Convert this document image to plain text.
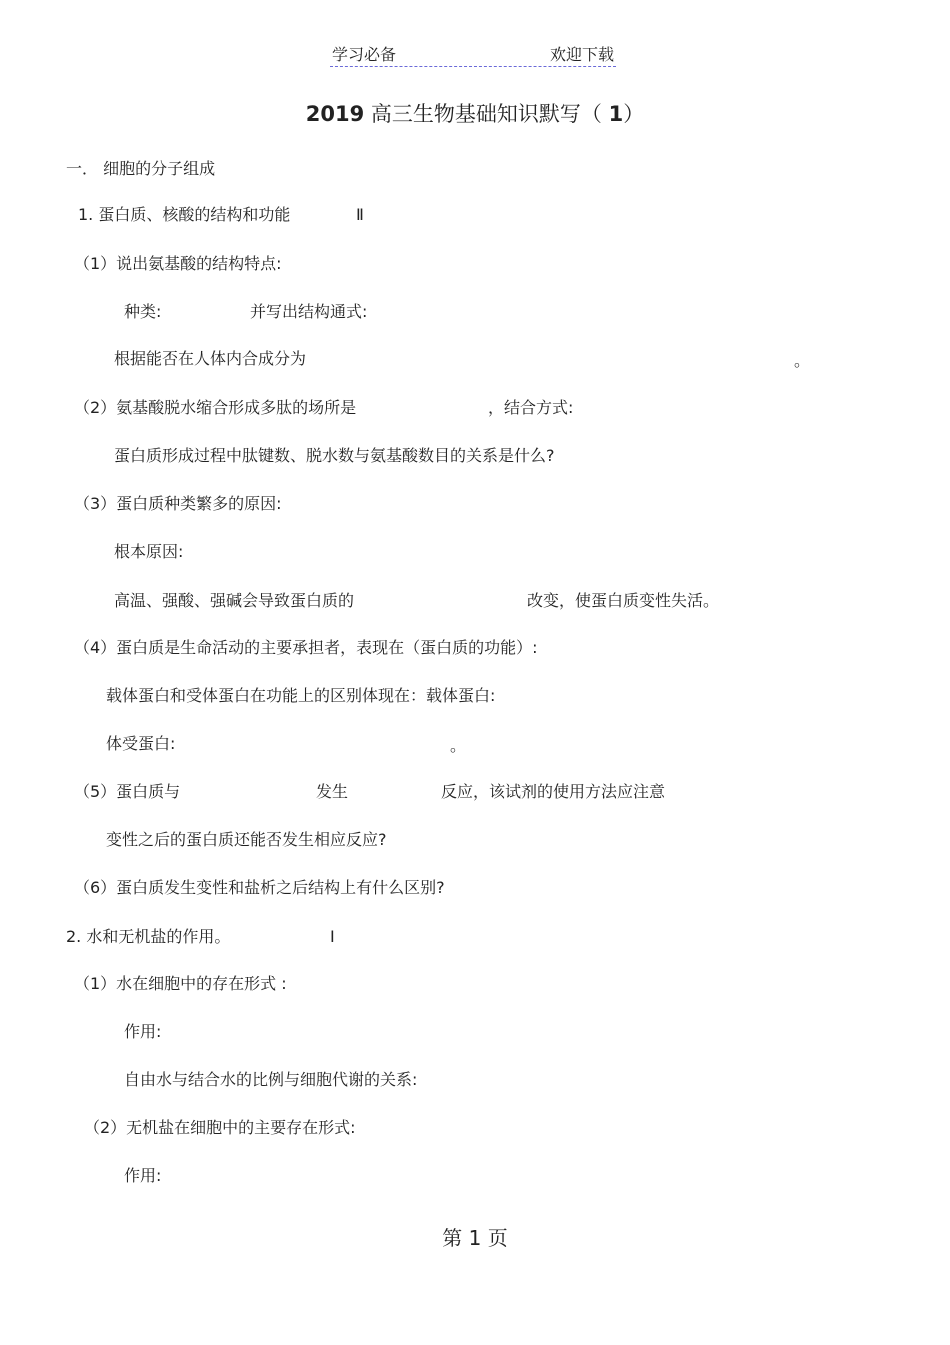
学习必备	欢迎下载
2019 高三生物基础知识默写（ 1）
一． 细胞的分子组成
1. 蛋白质、核酸的结构和功能	Ⅱ
（1）说出氨基酸的结构特点:
种类:	并写出结构通式:
根据能否在人体内合成分为	。
（2）氨基酸脱水缩合形成多肽的场所是	，结合方式:
蛋白质形成过程中肽键数、脱水数与氨基酸数目的关系是什么?
（3）蛋白质种类繁多的原因:
根本原因:
高温、强酸、强碱会导致蛋白质的	改变，使蛋白质变性失活。
（4）蛋白质是生命活动的主要承担者，表现在（蛋白质的功能）:
载体蛋白和受体蛋白在功能上的区别体现在：载体蛋白:
体受蛋白:	。
（5）蛋白质与	发生	反应，该试剂的使用方法应注意
变性之后的蛋白质还能否发生相应反应?
（6）蛋白质发生变性和盐析之后结构上有什么区别?
2. 水和无机盐的作用。	Ⅰ
（1）水在细胞中的存在形式 :
作用:
自由水与结合水的比例与细胞代谢的关系:
（2）无机盐在细胞中的主要存在形式:
作用:
第 1 页
